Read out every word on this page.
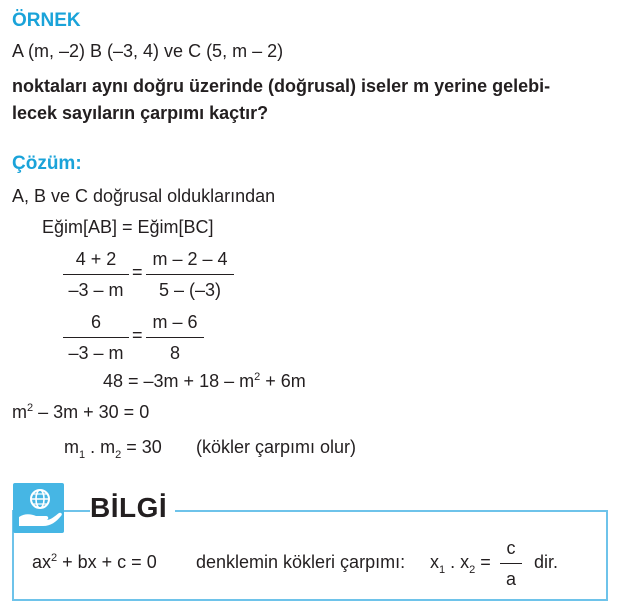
ÖRNEK
A (m, –2) B (–3, 4) ve C (5, m – 2)
noktaları aynı doğru üzerinde (doğrusal) iseler m yerine gelebi-
lecek sayıların çarpımı kaçtır?
Çözüm:
A, B ve C doğrusal olduklarından
Eğim[AB] = Eğim[BC]
4 + 2
–3 – m
=
m – 2 – 4
5 – (–3)
6
–3 – m
=
m – 6
8
$48 = -3m + 18 - m^2 + 6m$
$m^2 - 3m + 30 = 0$
$m_1$ . $m_2 = 30$ (kökler çarpımı olur)
BİLGİ
$ax^2$ + bx + c = 0 denklemin kökleri çarpımı: $x_1$ . $x_2$ =
c
a
dir.
